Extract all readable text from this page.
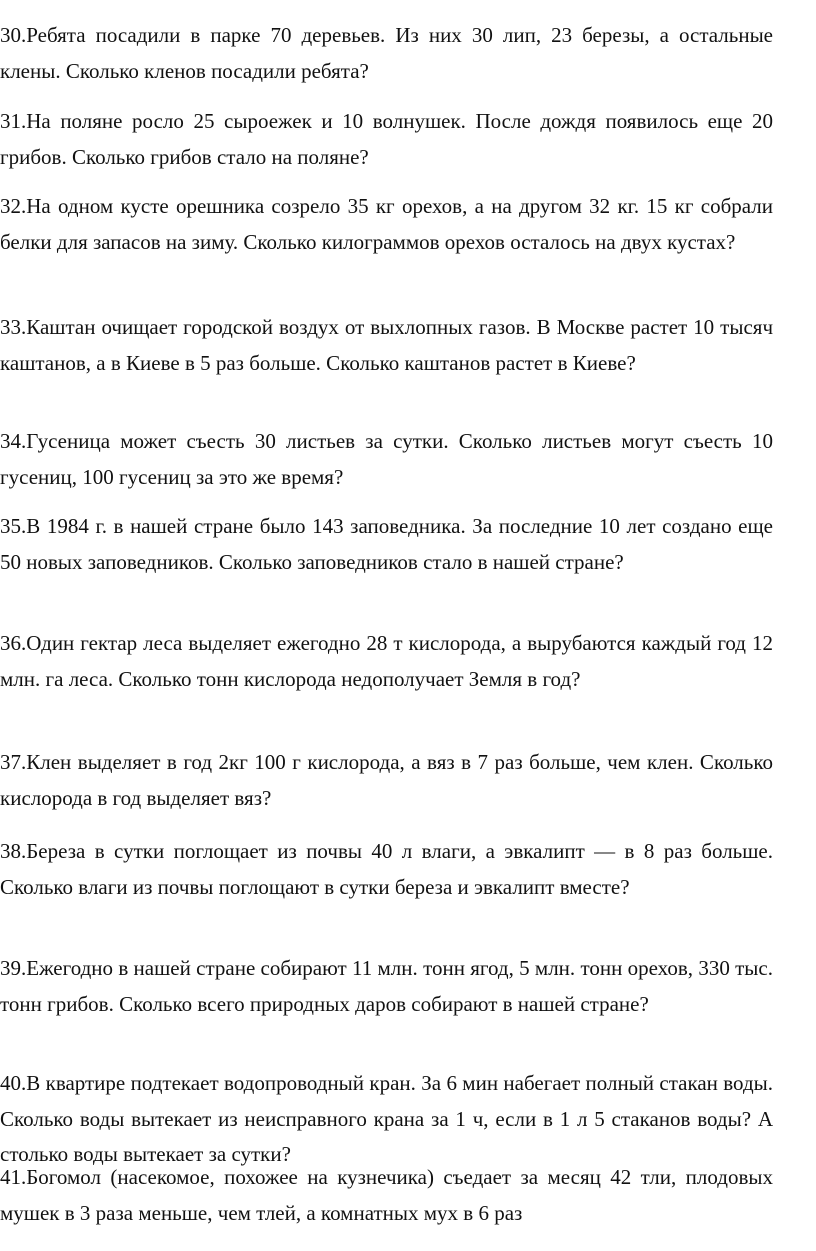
30.Ребята посадили в парке 70 деревьев. Из них 30 лип, 23 березы, а остальные клены. Сколько кленов посадили ребята?

31.На поляне росло 25 сыроежек и 10 волнушек. После дождя появилось еще 20 грибов. Сколько грибов стало на поляне?

32.На одном кусте орешника созрело 35 кг орехов, а на другом 32 кг. 15 кг собрали белки для запасов на зиму. Сколько килограммов орехов осталось на двух кустах?

33.Каштан очищает городской воздух от выхлопных газов. В Москве растет 10 тысяч каштанов, а в Киеве в 5 раз больше. Сколько каштанов растет в Киеве?

34.Гусеница может съесть 30 листьев за сутки. Сколько листьев могут съесть 10 гусениц, 100 гусениц за это же время?

35.В 1984 г. в нашей стране было 143 заповедника. За последние 10 лет создано еще 50 новых заповедников. Сколько заповедников стало в нашей стране?

36.Один гектар леса выделяет ежегодно 28 т кислорода, а вырубаются каждый год 12 млн. га леса. Сколько тонн кислорода недополучает Земля в год?

37.Клен выделяет в год 2кг 100 г кислорода, а вяз в 7 раз больше, чем клен. Сколько кислорода в год выделяет вяз?

38.Береза в сутки поглощает из почвы 40 л влаги, а эвкалипт — в 8 раз больше. Сколько влаги из почвы поглощают в сутки береза и эвкалипт вместе?

39.Ежегодно в нашей стране собирают 11 млн. тонн ягод, 5 млн. тонн орехов, 330 тыс. тонн грибов. Сколько всего природных даров собирают в нашей стране?

40.В квартире подтекает водопроводный кран. За 6 мин набегает полный стакан воды. Сколько воды вытекает из неисправного крана за 1 ч, если в 1 л 5 стаканов воды? А столько воды вытекает за сутки?

41.Богомол (насекомое, похожее на кузнечика) съедает за месяц 42 тли, плодовых мушек в 3 раза меньше, чем тлей, а комнатных мух в 6 раз
